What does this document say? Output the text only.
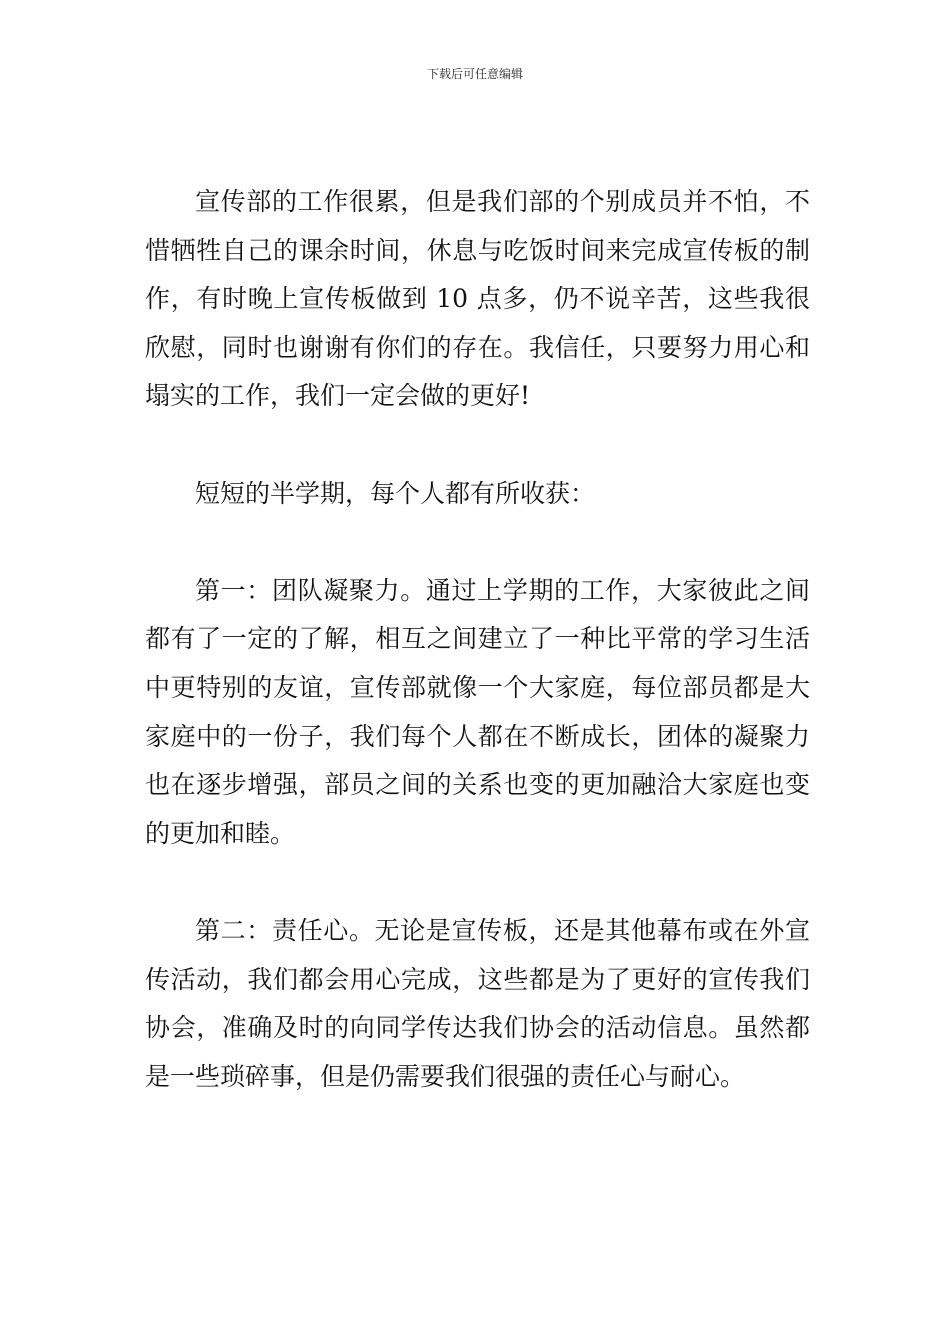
下载后可任意编辑

宣传部的工作很累，但是我们部的个别成员并不怕，不惜牺牲自己的课余时间，休息与吃饭时间来完成宣传板的制作，有时晚上宣传板做到 10 点多，仍不说辛苦，这些我很欣慰，同时也谢谢有你们的存在。我信任，只要努力用心和塌实的工作，我们一定会做的更好!

短短的半学期，每个人都有所收获：

第一：团队凝聚力。通过上学期的工作，大家彼此之间都有了一定的了解，相互之间建立了一种比平常的学习生活中更特别的友谊，宣传部就像一个大家庭，每位部员都是大家庭中的一份子，我们每个人都在不断成长，团体的凝聚力也在逐步增强，部员之间的关系也变的更加融洽大家庭也变的更加和睦。

第二：责任心。无论是宣传板，还是其他幕布或在外宣传活动，我们都会用心完成，这些都是为了更好的宣传我们协会，准确及时的向同学传达我们协会的活动信息。虽然都是一些琐碎事，但是仍需要我们很强的责任心与耐心。
